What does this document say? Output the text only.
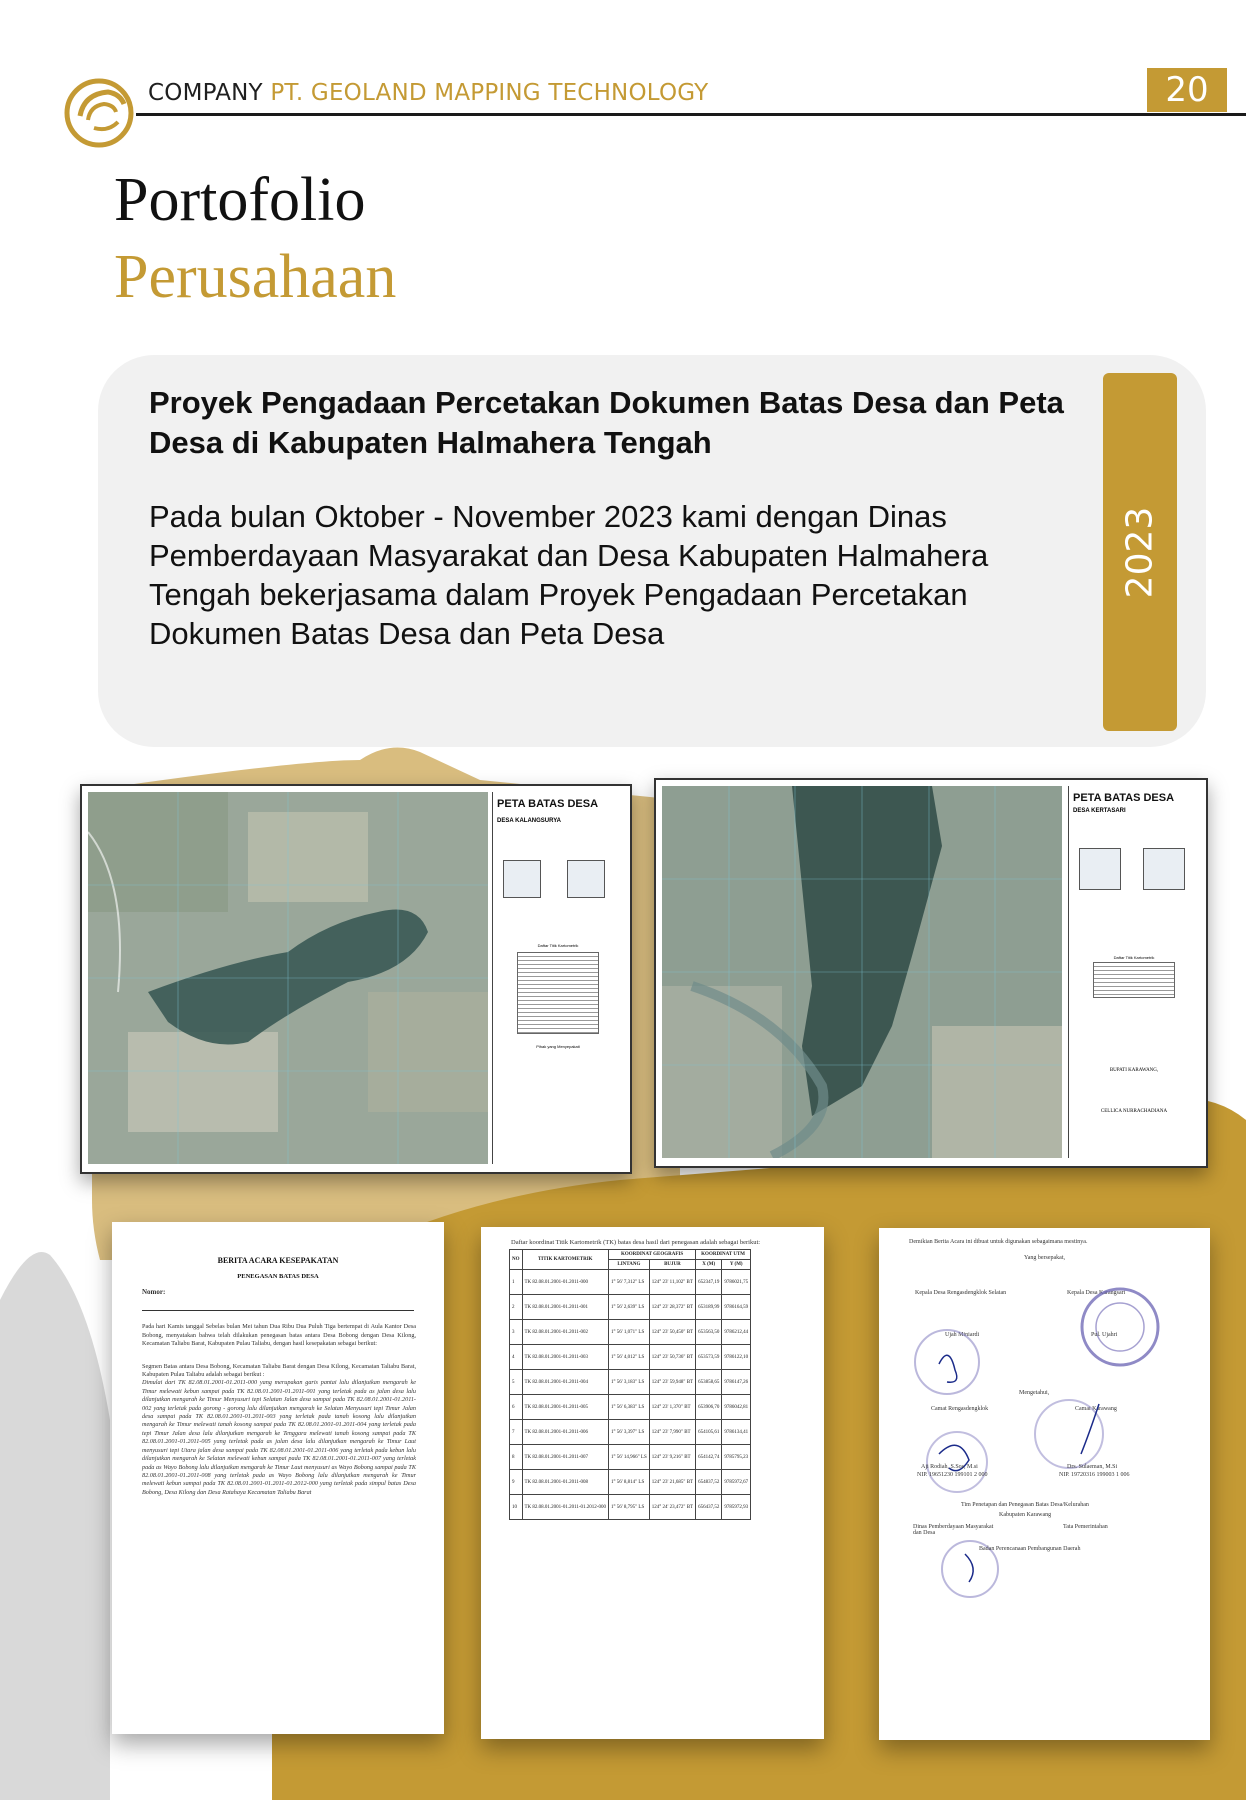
COMPANY PT. GEOLAND MAPPING TECHNOLOGY	20
Portofolio
Perusahaan
Proyek Pengadaan Percetakan Dokumen Batas Desa dan Peta Desa di Kabupaten Halmahera Tengah
Pada bulan Oktober - November 2023 kami dengan Dinas Pemberdayaan Masyarakat dan Desa Kabupaten Halmahera Tengah bekerjasama dalam Proyek Pengadaan Percetakan Dokumen Batas Desa dan Peta Desa
2023
PETA BATAS DESA
DESA KALANGSURYA

Daftar Titik Kartometrik
Pihak yang Menyepakati
PETA BATAS DESA
DESA KERTASARI

Daftar Titik Kartometrik
BUPATI KARAWANG,
CELLICA NURRACHADIANA
BERITA ACARA KESEPAKATAN
PENEGASAN BATAS DESA
Nomor:
Pada hari Kamis tanggal Sebelas bulan Mei tahun Dua Ribu Dua Puluh Tiga bertempat di Aula Kantor Desa Bobong, menyatakan bahwa telah dilakukan penegasan batas antara Desa Bobong dengan Desa Kilong, Kecamatan Taliabu Barat, Kabupaten Pulau Taliabu, dengan hasil kesepakatan sebagai berikut:
Segmen Batas antara Desa Bobong, Kecamatan Taliabu Barat dengan Desa Kilong, Kecamatan Taliabu Barat, Kabupaten Pulau Taliabu adalah sebagai berikut :
Dimulai dari TK 82.08.01.2001-01.2011-000 yang merupakan garis pantai lalu dilanjutkan mengarah ke Timur melewati kebun sampai pada TK 82.08.01.2001-01.2011-001 yang terletak pada as jalan desa lalu dilanjutkan mengarah ke Timur Menyusuri tepi Selatan Jalan desa sampai pada TK 82.08.01.2001-01.2011-002 yang terletak pada gorong - gorong lalu dilanjutkan mengarah ke Selatan Menyusuri tepi Timur Jalan desa sampai pada TK 82.08.01.2001-01.2011-003 yang terletak pada tanah kosong lalu dilanjutkan mengarah ke Timur melewati tanah kosong sampai pada TK 82.08.01.2001-01.2011-004 yang terletak pada tepi Timur Jalan desa lalu dilanjutkan mengarah ke Tenggara melewati tanah kosong sampai pada TK 82.08.01.2001-01.2011-005 yang terletak pada as jalan desa lalu dilanjutkan mengarah ke Timur Laut menyusuri tepi Utara jalan desa sampai pada TK 82.08.01.2001-01.2011-006 yang terletak pada kebun lalu dilanjutkan mengarah ke Selatan melewati kebun sampai pada TK 82.08.01.2001-01.2011-007 yang terletak pada as Wayo Bobong lalu dilanjutkan mengarah ke Timur Laut menyusuri as Wayo Bobong sampai pada TK 82.08.01.2001-01.2011-008 yang terletak pada as Wayo Bobong lalu dilanjutkan mengarah ke Timur melewati kebun sampai pada TK 82.08.01.2001-01.2011-01.2012-000 yang terletak pada simpul batas Desa Bobong, Desa Kilong dan Desa Ratahaya Kecamatan Taliabu Barat
Daftar koordinat Titik Kartometrik (TK) batas desa hasil dari penegasan adalah sebagai berikut:
NO	TITIK KARTOMETRIK	KOORDINAT GEOGRAFIS		KOORDINAT UTM	
		LINTANG	BUJUR	X (M)	Y (M)
1	TK 82.08.01.2001-01.2011-000	1° 56' 7,312" LS	124° 23' 11,102" BT	652347,19	9786021,75
2	TK 82.08.01.2001-01.2011-001	1° 56' 2,639" LS	124° 23' 28,372" BT	653189,99	9786164,59
3	TK 82.08.01.2001-01.2011-002	1° 56' 1,071" LS	124° 23' 50,450" BT	653563,50	9786212,44
4	TK 82.08.01.2001-01.2011-003	1° 56' 4,012" LS	124° 23' 50,736" BT	653573,59	9786122,10
5	TK 82.08.01.2001-01.2011-004	1° 56' 3,183" LS	124° 23' 59,948" BT	653858,65	9786147,26
6	TK 82.08.01.2001-01.2011-005	1° 56' 6,383" LS	124° 23' 1,370" BT	653906,70	9786042,81
7	TK 82.08.01.2001-01.2011-006	1° 56' 3,397" LS	124° 23' 7,990" BT	654105,61	9786134,41
8	TK 82.08.01.2001-01.2011-007	1° 56' 14,966" LS	124° 23' 9,216" BT	654142,74	9785795,23
9	TK 82.08.01.2001-01.2011-008	1° 56' 8,814" LS	124° 23' 21,685" BT	654837,52	9785972,67
10	TK 82.08.01.2001-01.2011-01.2012-000	1° 56' 8,795" LS	124° 24' 23,472" BT	656437,52	9785972,93
Demikian Berita Acara ini dibuat untuk digunakan sebagaimana mestinya.
Yang bersepakat,
Kepala Desa Rengasdengklok Selatan	Kepala Desa Karangsari
Ujah Miniardi	Pul. Ujahri
Mengetahui,
Camat Rengasdengklok	Camat Karawang
Aji Rodiah, S.Sos, M.si	Drs. Sulaeman, M.Si
NIP. 19651230 199101 2 000	NIP. 19720316 199003 1 006
Tim Penetapan dan Penegasan Batas Desa/Kelurahan
Kabupaten Karawang
Dinas Pemberdayaan Masyarakat dan Desa
Tata Pemerintahan
Badan Perencanaan Pembangunan Daerah
